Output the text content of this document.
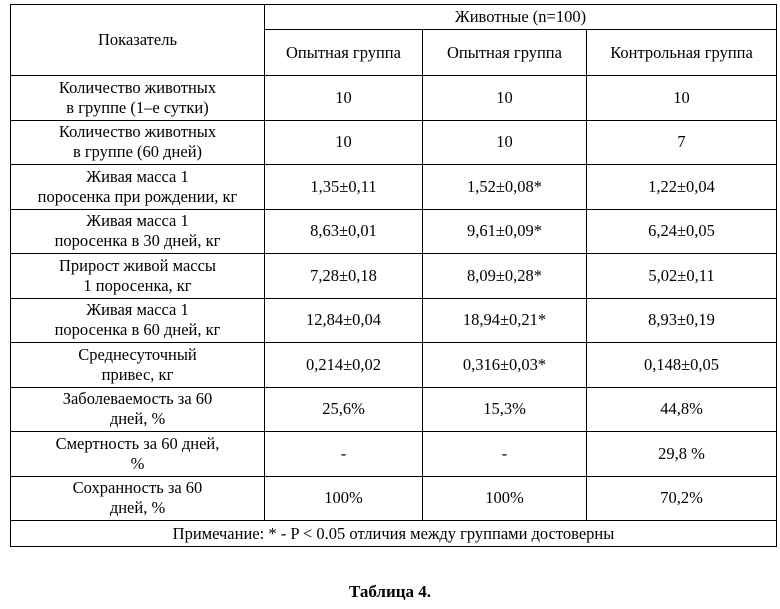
Показатель	Животные (n=100)		
	Опытная группа	Опытная группа	Контрольная группа
Количество животных
в группе (1–е сутки)	10	10	10
Количество животных
в группе (60 дней)	10	10	7
Живая масса 1
поросенка при рождении, кг	1,35±0,11	1,52±0,08*	1,22±0,04
Живая масса 1
поросенка в 30 дней, кг	8,63±0,01	9,61±0,09*	6,24±0,05
Прирост живой массы
1 поросенка, кг	7,28±0,18	8,09±0,28*	5,02±0,11
Живая масса 1
поросенка в 60 дней, кг	12,84±0,04	18,94±0,21*	8,93±0,19
Среднесуточный
привес, кг	0,214±0,02	0,316±0,03*	0,148±0,05
Заболеваемость за 60
дней, %	25,6%	15,3%	44,8%
Смертность за 60 дней,
%	-	-	29,8 %
Сохранность за 60
дней, %	100%	100%	70,2%
Примечание: * - P < 0.05 отличия между группами достоверны			
Таблица 4.
